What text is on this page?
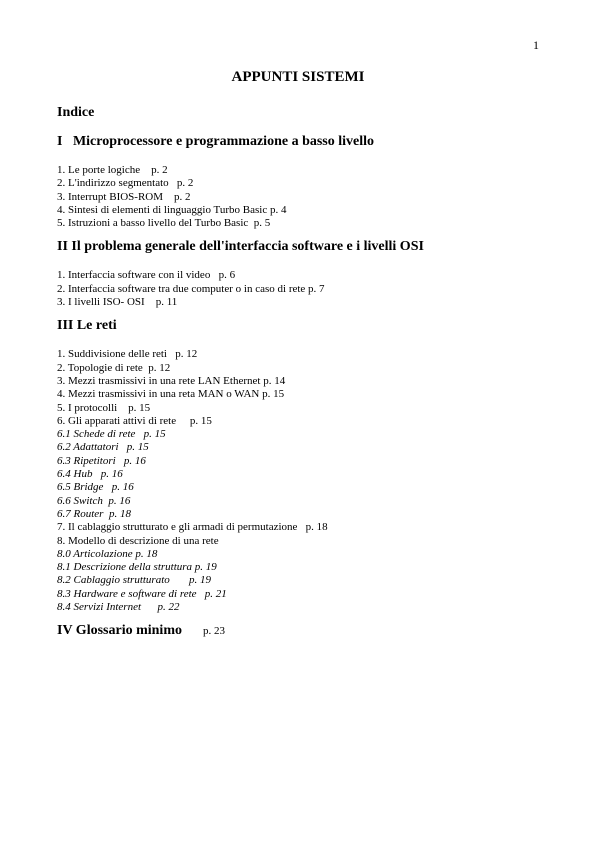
1
APPUNTI SISTEMI
Indice
I   Microprocessore e programmazione a basso livello
1. Le porte logiche    p. 2
2. L'indirizzo segmentato   p. 2
3. Interrupt BIOS-ROM    p. 2
4. Sintesi di elementi di linguaggio Turbo Basic p. 4
5. Istruzioni a basso livello del Turbo Basic  p. 5
II Il problema generale dell'interfaccia software e i livelli OSI
1. Interfaccia software con il video   p. 6
2. Interfaccia software tra due computer o in caso di rete p. 7
3. I livelli ISO- OSI    p. 11
III Le reti
1. Suddivisione delle reti   p. 12
2. Topologie di rete  p. 12
3. Mezzi trasmissivi in una rete LAN Ethernet p. 14
4. Mezzi trasmissivi in una reta MAN o WAN p. 15
5. I protocolli    p. 15
6. Gli apparati attivi di rete     p. 15
6.1 Schede di rete   p. 15
6.2 Adattatori   p. 15
6.3 Ripetitori   p. 16
6.4 Hub   p. 16
6.5 Bridge   p. 16
6.6 Switch  p. 16
6.7 Router  p. 18
7. Il cablaggio strutturato e gli armadi di permutazione   p. 18
8. Modello di descrizione di una rete
8.0 Articolazione p. 18
8.1 Descrizione della struttura p. 19
8.2 Cablaggio strutturato       p. 19
8.3 Hardware e software di rete   p. 21
8.4 Servizi Internet      p. 22
IV Glossario minimo p. 23
